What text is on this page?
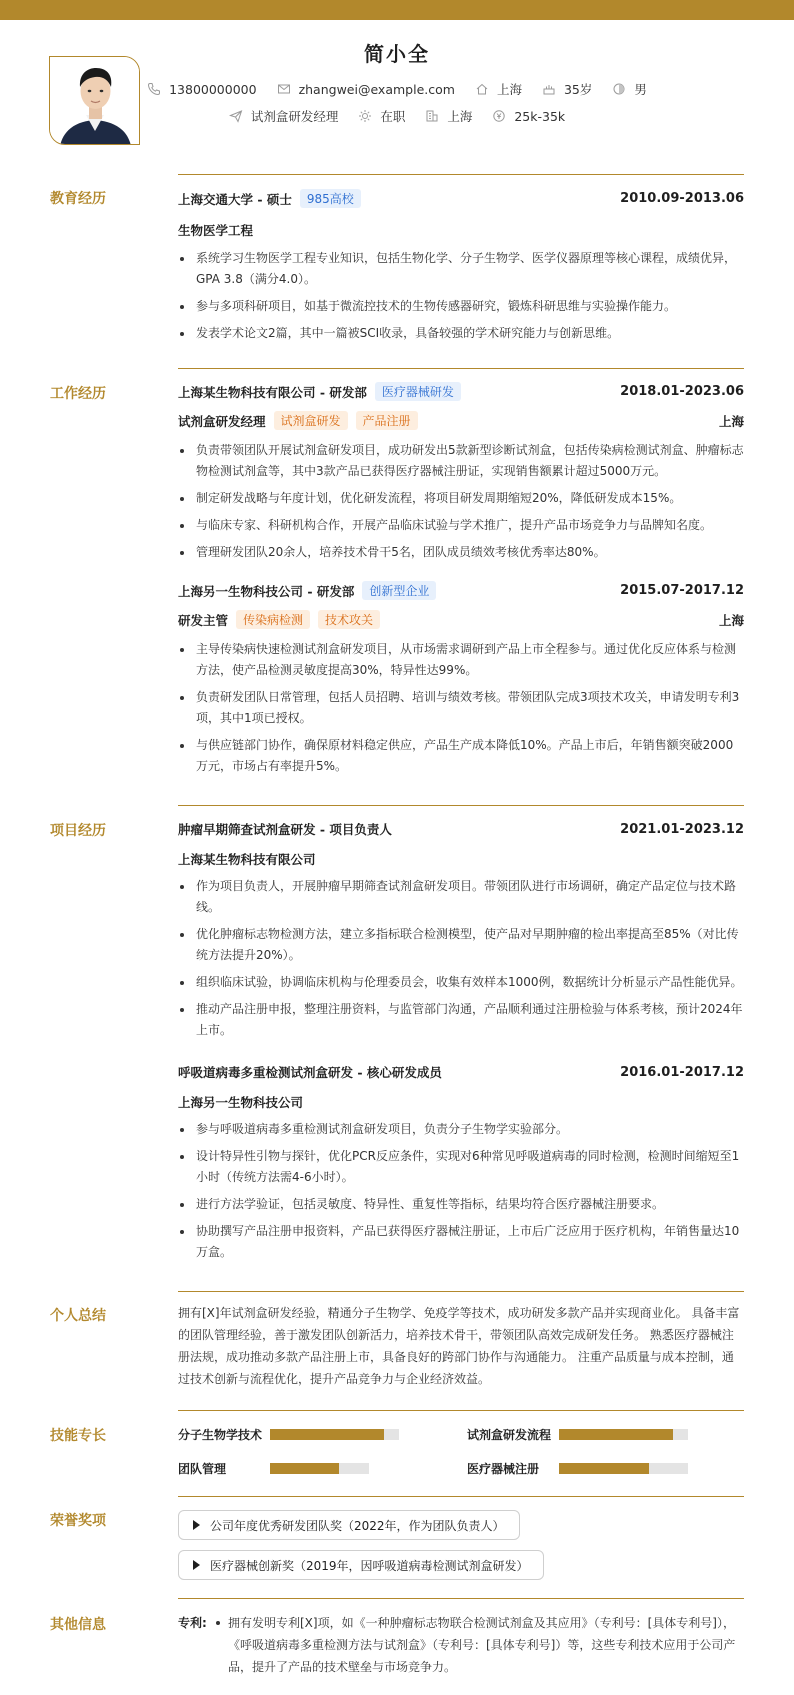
简小全
13800000000	zhangwei@example.com	上海	35岁	男
试剂盒研发经理	在职	上海	25k-35k
教育经历	上海交通大学 - 硕士	985高校	2010.09-2013.06
生物医学工程
系统学习生物医学工程专业知识，包括生物化学、分子生物学、医学仪器原理等核心课程，成绩优异，GPA 3.8（满分4.0）。
参与多项科研项目，如基于微流控技术的生物传感器研究，锻炼科研思维与实验操作能力。
发表学术论文2篇，其中一篇被SCI收录，具备较强的学术研究能力与创新思维。
工作经历	上海某生物科技有限公司 - 研发部	医疗器械研发	2018.01-2023.06
试剂盒研发经理	试剂盒研发	产品注册	上海
负责带领团队开展试剂盒研发项目，成功研发出5款新型诊断试剂盒，包括传染病检测试剂盒、肿瘤标志物检测试剂盒等，其中3款产品已获得医疗器械注册证，实现销售额累计超过5000万元。
制定研发战略与年度计划，优化研发流程，将项目研发周期缩短20%，降低研发成本15%。
与临床专家、科研机构合作，开展产品临床试验与学术推广，提升产品市场竞争力与品牌知名度。
管理研发团队20余人，培养技术骨干5名，团队成员绩效考核优秀率达80%。
上海另一生物科技公司 - 研发部	创新型企业	2015.07-2017.12
研发主管	传染病检测	技术攻关	上海
主导传染病快速检测试剂盒研发项目，从市场需求调研到产品上市全程参与。通过优化反应体系与检测方法，使产品检测灵敏度提高30%，特异性达99%。
负责研发团队日常管理，包括人员招聘、培训与绩效考核。带领团队完成3项技术攻关，申请发明专利3项，其中1项已授权。
与供应链部门协作，确保原材料稳定供应，产品生产成本降低10%。产品上市后，年销售额突破2000万元，市场占有率提升5%。
项目经历	肿瘤早期筛查试剂盒研发 - 项目负责人	2021.01-2023.12
上海某生物科技有限公司
作为项目负责人，开展肿瘤早期筛查试剂盒研发项目。带领团队进行市场调研，确定产品定位与技术路线。
优化肿瘤标志物检测方法，建立多指标联合检测模型，使产品对早期肿瘤的检出率提高至85%（对比传统方法提升20%）。
组织临床试验，协调临床机构与伦理委员会，收集有效样本1000例，数据统计分析显示产品性能优异。
推动产品注册申报，整理注册资料，与监管部门沟通，产品顺利通过注册检验与体系考核，预计2024年上市。
呼吸道病毒多重检测试剂盒研发 - 核心研发成员	2016.01-2017.12
上海另一生物科技公司
参与呼吸道病毒多重检测试剂盒研发项目，负责分子生物学实验部分。
设计特异性引物与探针，优化PCR反应条件，实现对6种常见呼吸道病毒的同时检测，检测时间缩短至1小时（传统方法需4-6小时）。
进行方法学验证，包括灵敏度、特异性、重复性等指标，结果均符合医疗器械注册要求。
协助撰写产品注册申报资料，产品已获得医疗器械注册证，上市后广泛应用于医疗机构，年销售量达10万盒。
个人总结	拥有[X]年试剂盒研发经验，精通分子生物学、免疫学等技术，成功研发多款产品并实现商业化。 具备丰富的团队管理经验，善于激发团队创新活力，培养技术骨干，带领团队高效完成研发任务。 熟悉医疗器械注册法规，成功推动多款产品注册上市，具备良好的跨部门协作与沟通能力。 注重产品质量与成本控制，通过技术创新与流程优化，提升产品竞争力与企业经济效益。
技能专长	分子生物学技术	试剂盒研发流程
团队管理	医疗器械注册
荣誉奖项	公司年度优秀研发团队奖（2022年，作为团队负责人）
医疗器械创新奖（2019年，因呼吸道病毒检测试剂盒研发）
其他信息	专利:	拥有发明专利[X]项，如《一种肿瘤标志物联合检测试剂盒及其应用》（专利号：[具体专利号]），《呼吸道病毒多重检测方法与试剂盒》（专利号：[具体专利号]）等，这些专利技术应用于公司产品，提升了产品的技术壁垒与市场竞争力。
